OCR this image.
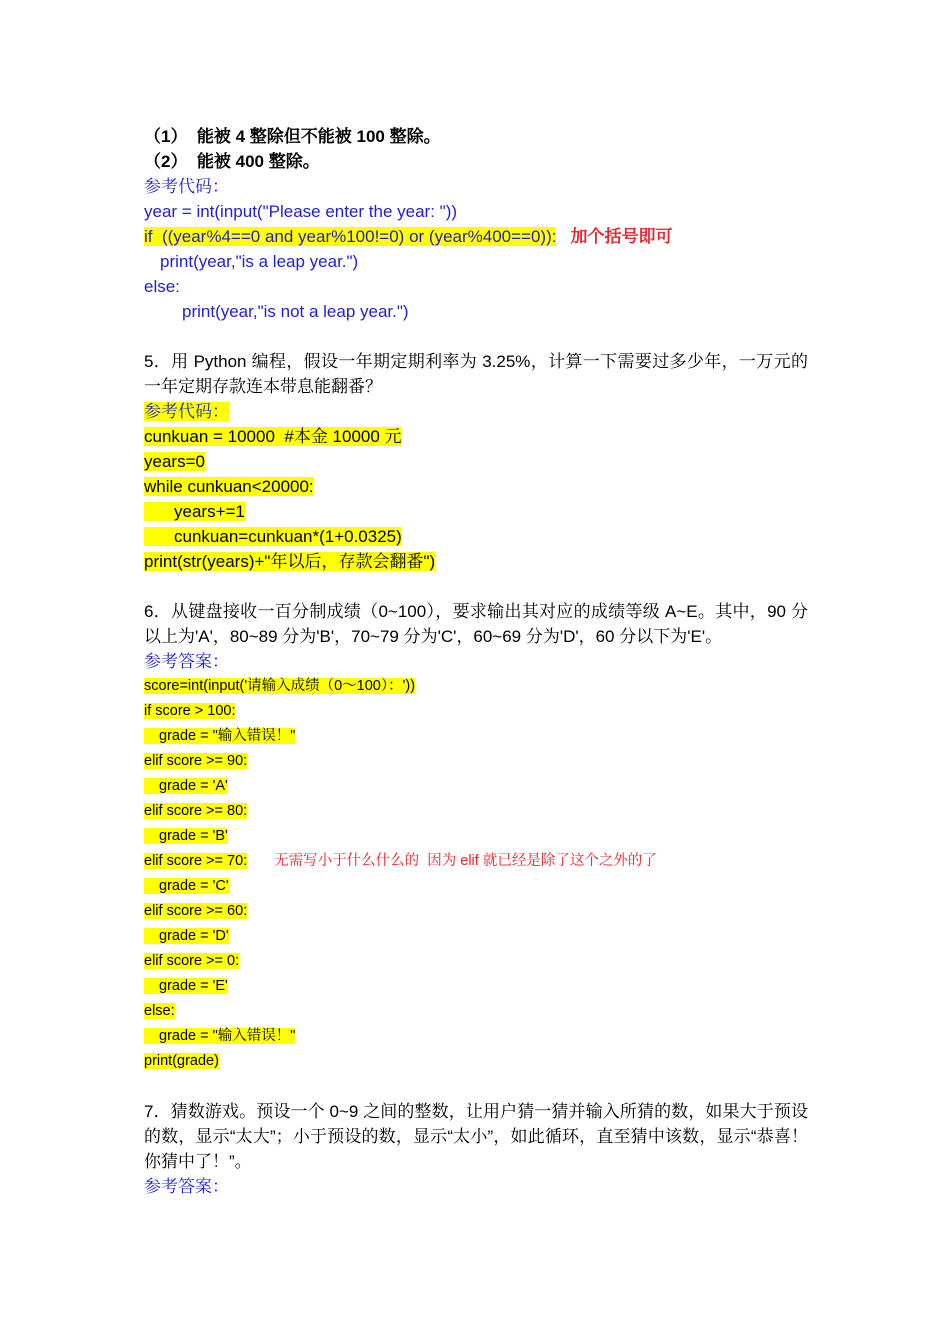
（1）  能被 4 整除但不能被 100 整除。
（2）  能被 400 整除。
参考代码：
year = int(input("Please enter the year: "))
if  ((year%4==0 and year%100!=0) or (year%400==0)): 加个括号即可
print(year,"is a leap year.")
else:
print(year,"is not a leap year.")
5．用 Python 编程，假设一年期定期利率为 3.25%，计算一下需要过多少年，一万元的一年定期存款连本带息能翻番？
参考代码：
cunkuan = 10000  #本金 10000 元
years=0
while cunkuan<20000:
years+=1
cunkuan=cunkuan*(1+0.0325)
print(str(years)+"年以后，存款会翻番")
6．从键盘接收一百分制成绩（0~100），要求输出其对应的成绩等级 A~E。其中，90 分以上为'A'，80~89 分为'B'，70~79 分为'C'，60~69 分为'D'，60 分以下为'E'。
参考答案：
score=int(input('请输入成绩（0～100）：'))
if score > 100:
grade = "输入错误！"
elif score >= 90:
grade = 'A'
elif score >= 80:
grade = 'B'
elif score >= 70: 无需写小于什么什么的  因为 elif 就已经是除了这个之外的了
grade = 'C'
elif score >= 60:
grade = 'D'
elif score >= 0:
grade = 'E'
else:
grade = "输入错误！"
print(grade)
7．猜数游戏。预设一个 0~9 之间的整数，让用户猜一猜并输入所猜的数，如果大于预设的数，显示“太大”；小于预设的数，显示“太小”，如此循环，直至猜中该数，显示“恭喜！你猜中了！”。
参考答案：
